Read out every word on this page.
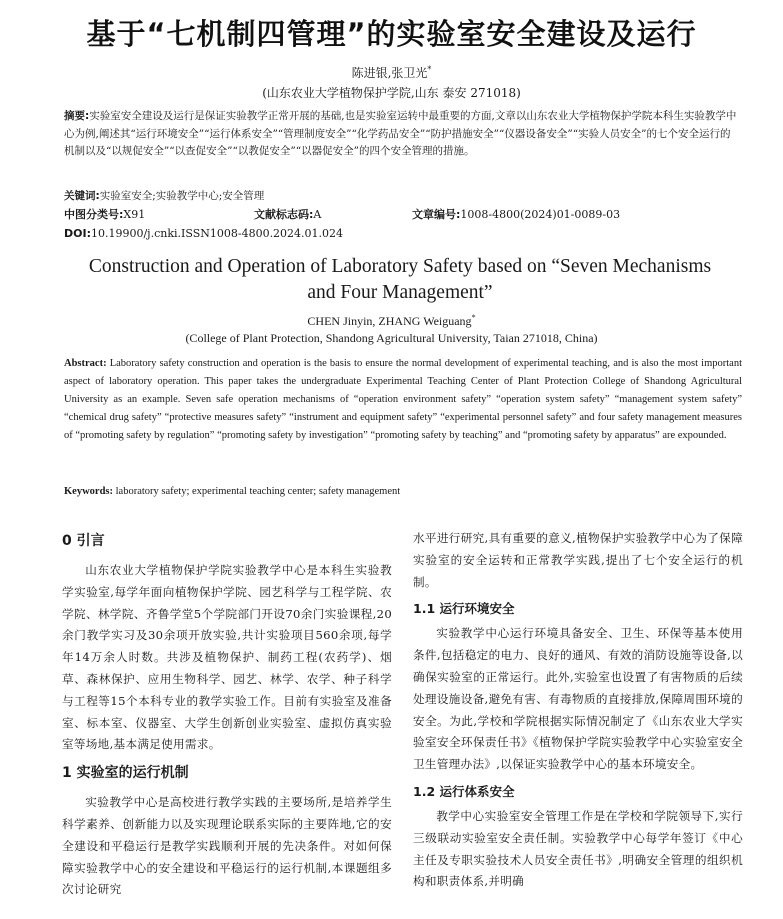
基于“七机制四管理”的实验室安全建设及运行
陈进银,张卫光*
(山东农业大学植物保护学院,山东 泰安 271018)
摘要:实验室安全建设及运行是保证实验教学正常开展的基础,也是实验室运转中最重要的方面,文章以山东农业大学植物保护学院本科生实验教学中心为例,阐述其“运行环境安全”“运行体系安全”“管理制度安全”“化学药品安全”“防护措施安全”“仪器设备安全”“实验人员安全”的七个安全运行的机制以及“以规促安全”“以查促安全”“以教促安全”“以器促安全”的四个安全管理的措施。
关键词:实验室安全;实验教学中心;安全管理
中图分类号:X91	文献标志码:A	文章编号:1008-4800(2024)01-0089-03
DOI:10.19900/j.cnki.ISSN1008-4800.2024.01.024
Construction and Operation of Laboratory Safety based on “Seven Mechanisms and Four Management”
CHEN Jinyin, ZHANG Weiguang*
(College of Plant Protection, Shandong Agricultural University, Taian 271018, China)
Abstract: Laboratory safety construction and operation is the basis to ensure the normal development of experimental teaching, and is also the most important aspect of laboratory operation. This paper takes the undergraduate Experimental Teaching Center of Plant Protection College of Shandong Agricultural University as an example. Seven safe operation mechanisms of “operation environment safety” “operation system safety” “management system safety” “chemical drug safety” “protective measures safety” “instrument and equipment safety” “experimental personnel safety” and four safety management measures of “promoting safety by regulation” “promoting safety by investigation” “promoting safety by teaching” and “promoting safety by apparatus” are expounded.
Keywords: laboratory safety; experimental teaching center; safety management
0 引言

山东农业大学植物保护学院实验教学中心是本科生实验教学实验室,每学年面向植物保护学院、园艺科学与工程学院、农学院、林学院、齐鲁学堂5个学院部门开设70余门实验课程,20余门教学实习及30余项开放实验,共计实验项目560余项,每学年14万余人时数。共涉及植物保护、制药工程(农药学)、烟草、森林保护、应用生物科学、园艺、林学、农学、种子科学与工程等15个本科专业的教学实验工作。目前有实验室及准备室、标本室、仪器室、大学生创新创业实验室、虚拟仿真实验室等场地,基本满足使用需求。

1 实验室的运行机制

实验教学中心是高校进行教学实践的主要场所,是培养学生科学素养、创新能力以及实现理论联系实际的主要阵地,它的安全建设和平稳运行是教学实践顺利开展的先决条件。对如何保障实验教学中心的安全建设和平稳运行的运行机制,本课题组多次讨论研究

水平进行研究,具有重要的意义,植物保护实验教学中心为了保障实验室的安全运转和正常教学实践,提出了七个安全运行的机制。

1.1 运行环境安全

实验教学中心运行环境具备安全、卫生、环保等基本使用条件,包括稳定的电力、良好的通风、有效的消防设施等设备,以确保实验室的正常运行。此外,实验室也设置了有害物质的后续处理设施设备,避免有害、有毒物质的直接排放,保障周围环境的安全。为此,学校和学院根据实际情况制定了《山东农业大学实验室安全环保责任书》《植物保护学院实验教学中心实验室安全卫生管理办法》,以保证实验教学中心的基本环境安全。

1.2 运行体系安全

教学中心实验室安全管理工作是在学校和学院领导下,实行三级联动实验室安全责任制。实验教学中心每学年签订《中心主任及专职实验技术人员安全责任书》,明确安全管理的组织机构和职责体系,并明确
